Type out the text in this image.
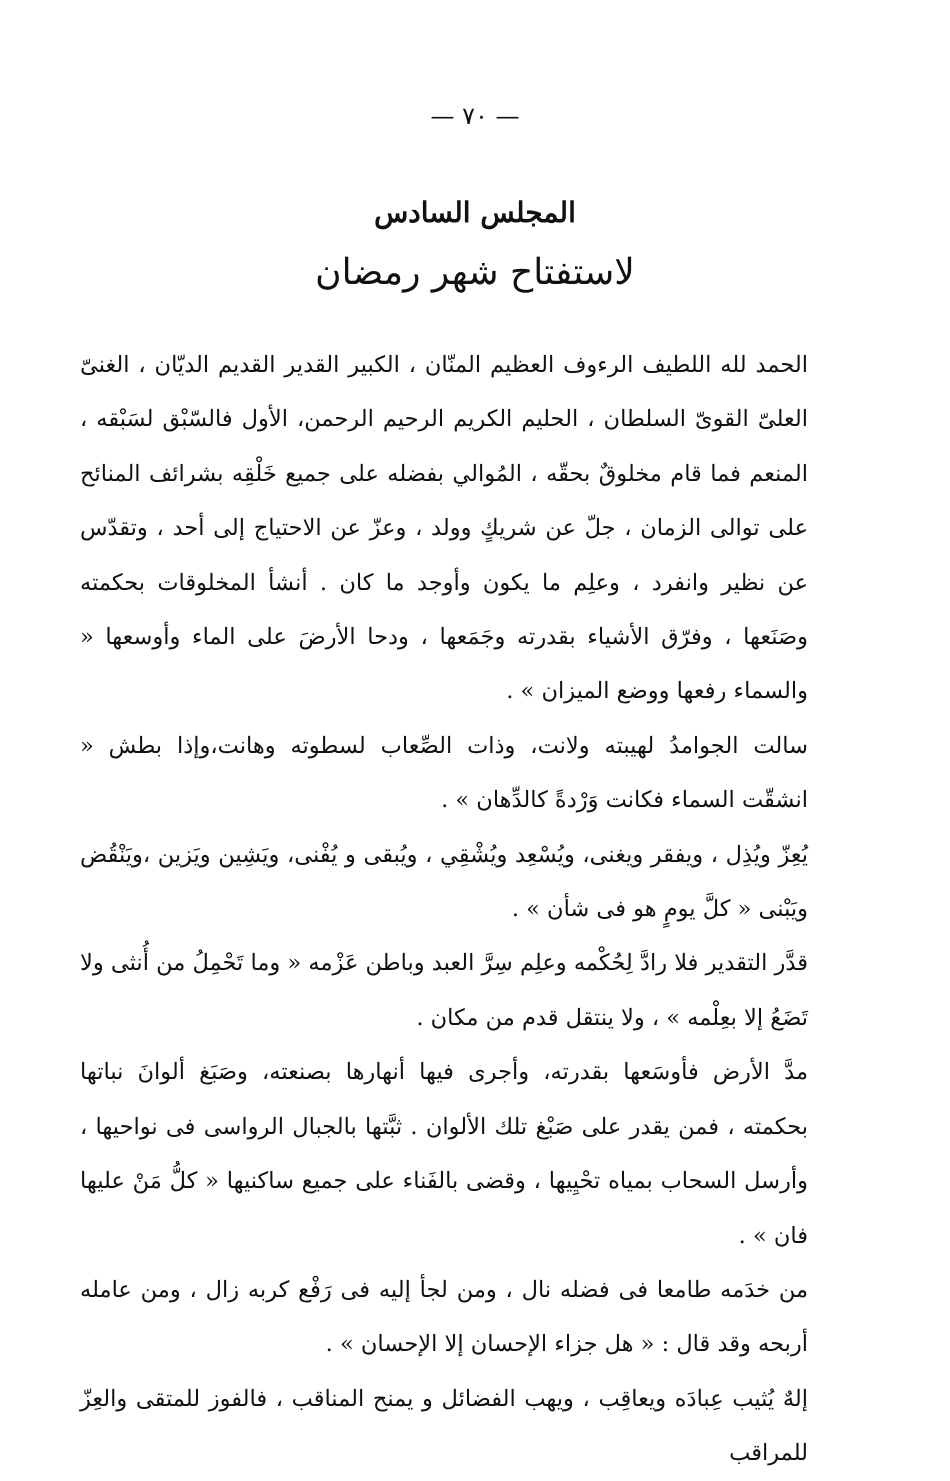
— ٧٠ —
المجلس السادس
لاستفتاح شهر رمضان

الحمد لله اللطيف الرءوف العظيم المنّان ، الكبير القدير القديم الديّان ، الغنىّ العلىّ القوىّ السلطان ، الحليم الكريم الرحيم الرحمن، الأول فالسّبْق لسَبْقه ، المنعم فما قام مخلوقٌ بحقّه ، المُوالي بفضله على جميع خَلْقِه بشرائف المنائح على توالى الزمان ، جلّ عن شريكٍ وولد ، وعزّ عن الاحتياج إلى أحد ، وتقدّس عن نظير وانفرد ، وعلِم ما يكون وأوجد ما كان . أنشأ المخلوقات بحكمته وصَنَعها ، وفرّق الأشياء بقدرته وجَمَعها ، ودحا الأرضَ على الماء وأوسعها « والسماء رفعها ووضع الميزان » .

سالت الجوامدُ لهيبته ولانت، وذات الصِّعاب لسطوته وهانت،وإذا بطش « انشقّت السماء فكانت وَرْدةً كالدِّهان » .

يُعِزّ ويُذِل ، ويفقر ويغنى، ويُسْعِد ويُشْقِي ، ويُبقى و يُفْنى، ويَشِين ويَزين ،ويَنْقُض ويَبْنى « كلَّ يومٍ هو فى شأن » .

قدَّر التقدير فلا رادَّ لِحُكْمه وعلِم سِرَّ العبد وباطن عَزْمه « وما تَحْمِلُ من أُنثى ولا تَضَعُ إلا بعِلْمه » ، ولا ينتقل قدم من مكان .

مدَّ الأرض فأوسَعها بقدرته، وأجرى فيها أنهارها بصنعته، وصَبَغ ألوانَ نباتها بحكمته ، فمن يقدر على صَبْغ تلك الألوان . ثبَّتها بالجبال الرواسى فى نواحيها ، وأرسل السحاب بمياه تحْيِيها ، وقضى بالفَناء على جميع ساكنيها « كلُّ مَنْ عليها فان » .

من خدَمه طامعا فى فضله نال ، ومن لجأ إليه فى رَفْع كربه زال ، ومن عامله أربحه وقد قال : « هل جزاء الإحسان إلا الإحسان » .

إلهٌ يُثيب عِبادَه ويعاقِب ، ويهب الفضائل و يمنح المناقب ، فالفوز للمتقى والعِزّ للمراقب
